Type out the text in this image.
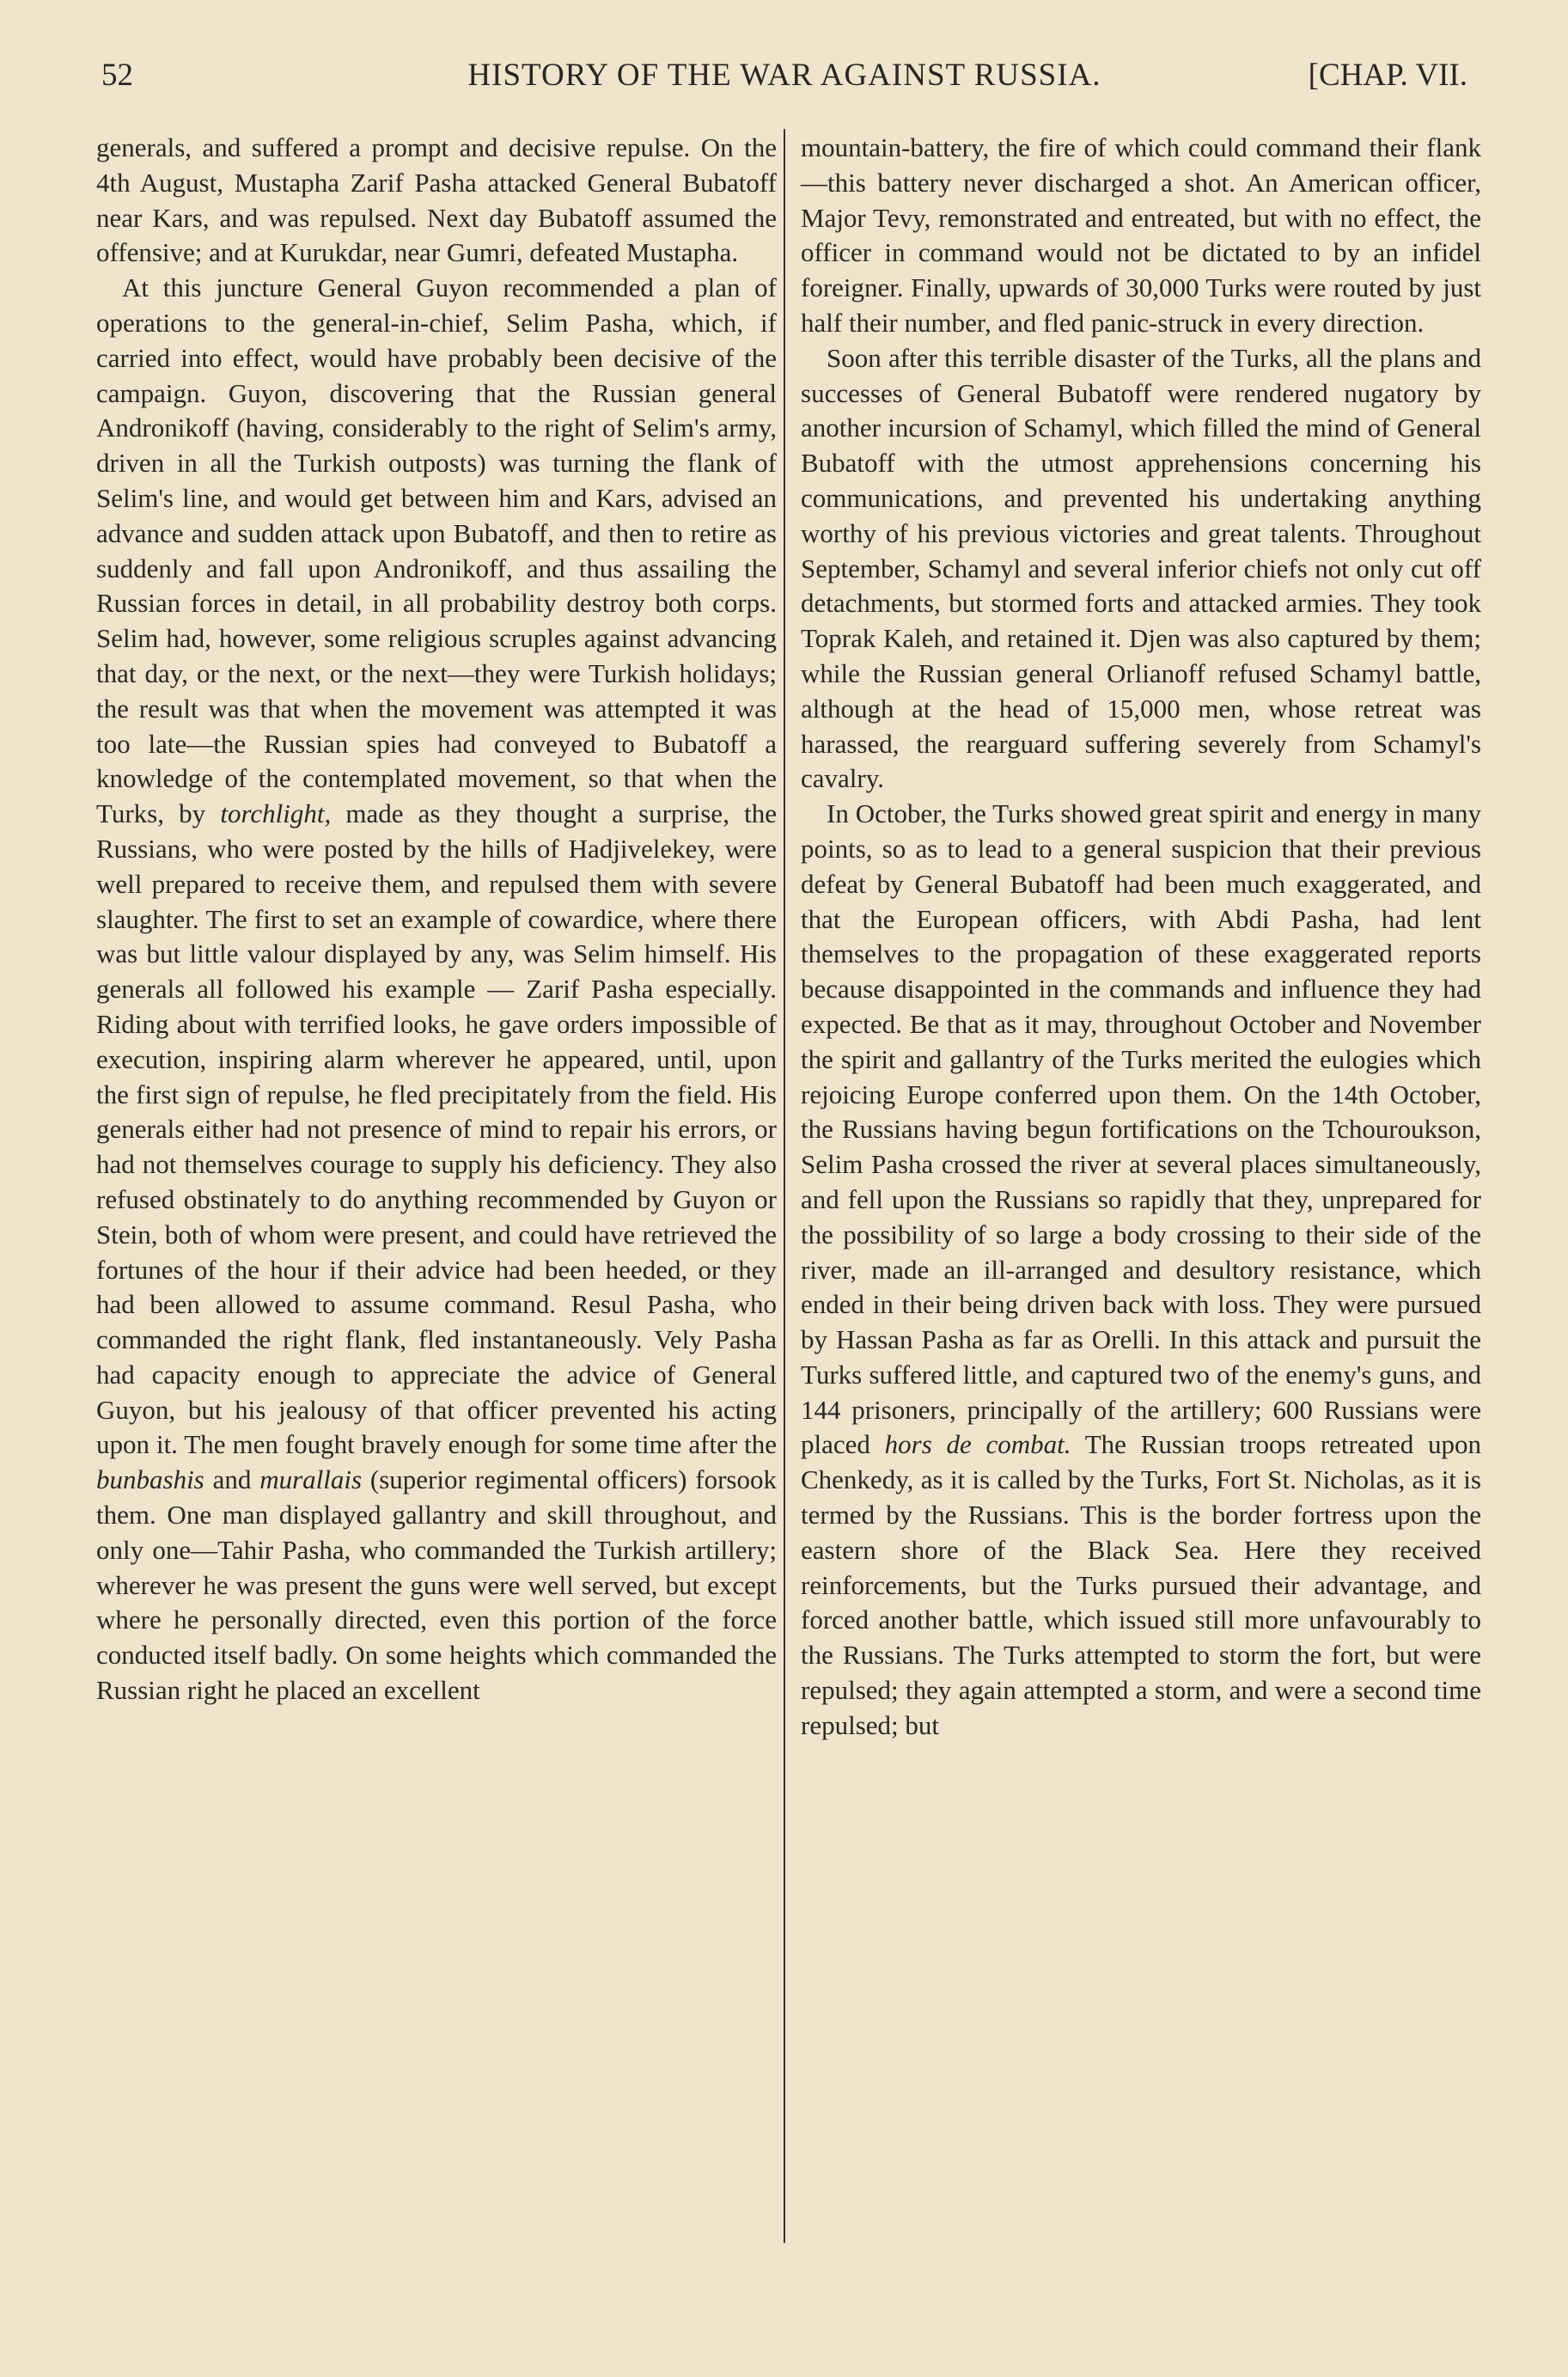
52	HISTORY OF THE WAR AGAINST RUSSIA.	[CHAP. VII.

generals, and suffered a prompt and decisive repulse. On the 4th August, Mustapha Zarif Pasha attacked General Bubatoff near Kars, and was repulsed. Next day Bubatoff assumed the offensive; and at Kurukdar, near Gumri, defeated Mustapha.

At this juncture General Guyon recommended a plan of operations to the general-in-chief, Selim Pasha, which, if carried into effect, would have probably been decisive of the campaign. Guyon, discovering that the Russian general Andronikoff (having, considerably to the right of Selim's army, driven in all the Turkish outposts) was turning the flank of Selim's line, and would get between him and Kars, advised an advance and sudden attack upon Bubatoff, and then to retire as suddenly and fall upon Andronikoff, and thus assailing the Russian forces in detail, in all probability destroy both corps. Selim had, however, some religious scruples against advancing that day, or the next, or the next—they were Turkish holidays; the result was that when the movement was attempted it was too late—the Russian spies had conveyed to Bubatoff a knowledge of the contemplated movement, so that when the Turks, by torchlight, made as they thought a surprise, the Russians, who were posted by the hills of Hadjivelekey, were well prepared to receive them, and repulsed them with severe slaughter. The first to set an example of cowardice, where there was but little valour displayed by any, was Selim himself. His generals all followed his example — Zarif Pasha especially. Riding about with terrified looks, he gave orders impossible of execution, inspiring alarm wherever he appeared, until, upon the first sign of repulse, he fled precipitately from the field. His generals either had not presence of mind to repair his errors, or had not themselves courage to supply his deficiency. They also refused obstinately to do anything recommended by Guyon or Stein, both of whom were present, and could have retrieved the fortunes of the hour if their advice had been heeded, or they had been allowed to assume command. Resul Pasha, who commanded the right flank, fled instantaneously. Vely Pasha had capacity enough to appreciate the advice of General Guyon, but his jealousy of that officer prevented his acting upon it. The men fought bravely enough for some time after the bunbashis and murallais (superior regimental officers) forsook them. One man displayed gallantry and skill throughout, and only one—Tahir Pasha, who commanded the Turkish artillery; wherever he was present the guns were well served, but except where he personally directed, even this portion of the force conducted itself badly. On some heights which commanded the Russian right he placed an excellent

mountain-battery, the fire of which could command their flank—this battery never discharged a shot. An American officer, Major Tevy, remonstrated and entreated, but with no effect, the officer in command would not be dictated to by an infidel foreigner. Finally, upwards of 30,000 Turks were routed by just half their number, and fled panic-struck in every direction.

Soon after this terrible disaster of the Turks, all the plans and successes of General Bubatoff were rendered nugatory by another incursion of Schamyl, which filled the mind of General Bubatoff with the utmost apprehensions concerning his communications, and prevented his undertaking anything worthy of his previous victories and great talents. Throughout September, Schamyl and several inferior chiefs not only cut off detachments, but stormed forts and attacked armies. They took Toprak Kaleh, and retained it. Djen was also captured by them; while the Russian general Orlianoff refused Schamyl battle, although at the head of 15,000 men, whose retreat was harassed, the rearguard suffering severely from Schamyl's cavalry.

In October, the Turks showed great spirit and energy in many points, so as to lead to a general suspicion that their previous defeat by General Bubatoff had been much exaggerated, and that the European officers, with Abdi Pasha, had lent themselves to the propagation of these exaggerated reports because disappointed in the commands and influence they had expected. Be that as it may, throughout October and November the spirit and gallantry of the Turks merited the eulogies which rejoicing Europe conferred upon them. On the 14th October, the Russians having begun fortifications on the Tchouroukson, Selim Pasha crossed the river at several places simultaneously, and fell upon the Russians so rapidly that they, unprepared for the possibility of so large a body crossing to their side of the river, made an ill-arranged and desultory resistance, which ended in their being driven back with loss. They were pursued by Hassan Pasha as far as Orelli. In this attack and pursuit the Turks suffered little, and captured two of the enemy's guns, and 144 prisoners, principally of the artillery; 600 Russians were placed hors de combat. The Russian troops retreated upon Chenkedy, as it is called by the Turks, Fort St. Nicholas, as it is termed by the Russians. This is the border fortress upon the eastern shore of the Black Sea. Here they received reinforcements, but the Turks pursued their advantage, and forced another battle, which issued still more unfavourably to the Russians. The Turks attempted to storm the fort, but were repulsed; they again attempted a storm, and were a second time repulsed; but
